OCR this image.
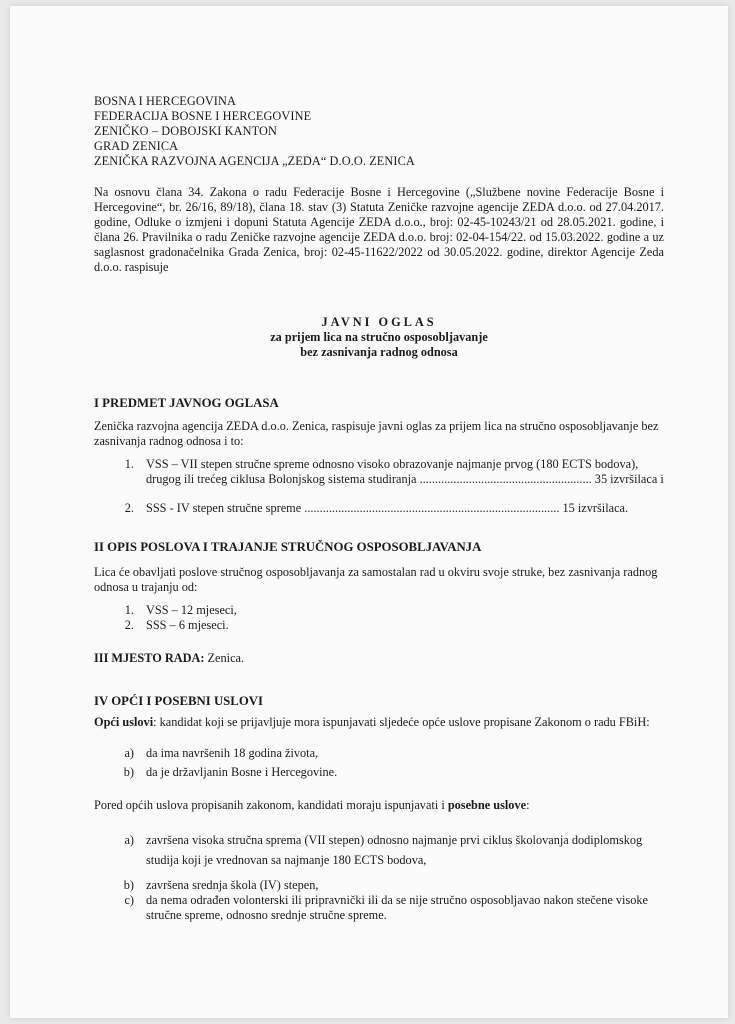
BOSNA I HERCEGOVINA
FEDERACIJA BOSNE I HERCEGOVINE
ZENIČKO – DOBOJSKI KANTON
GRAD ZENICA
ZENIČKA RAZVOJNA AGENCIJA „ZEDA“ D.O.O. ZENICA

Na osnovu člana 34. Zakona o radu Federacije Bosne i Hercegovine („Službene novine Federacije Bosne i Hercegovine“, br. 26/16, 89/18), člana 18. stav (3) Statuta Zeničke razvojne agencije ZEDA d.o.o. od 27.04.2017. godine, Odluke o izmjeni i dopuni Statuta Agencije ZEDA d.o.o., broj: 02-45-10243/21 od 28.05.2021. godine, i člana 26. Pravilnika o radu Zeničke razvojne agencije ZEDA d.o.o. broj: 02-04-154/22. od 15.03.2022. godine a uz saglasnost gradonačelnika Grada Zenica, broj: 02-45-11622/2022 od 30.05.2022. godine, direktor Agencije Zeda d.o.o. raspisuje

JAVNI OGLAS
za prijem lica na stručno osposobljavanje
bez zasnivanja radnog odnosa
I PREDMET JAVNOG OGLASA

Zenička razvojna agencija ZEDA d.o.o. Zenica, raspisuje javni oglas za prijem lica na stručno osposobljavanje bez zasnivanja radnog odnosa i to:

1. VSS – VII stepen stručne spreme odnosno visoko obrazovanje najmanje prvog (180 ECTS bodova),
drugog ili trećeg ciklusa Bolonjskog sistema studiranja ........................................................ 35 izvršilaca i
2. SSS - IV stepen stručne spreme ................................................................................... 15 izvršilaca.
II OPIS POSLOVA I TRAJANJE STRUČNOG OSPOSOBLJAVANJA

Lica će obavljati poslove stručnog osposobljavanja za samostalan rad u okviru svoje struke, bez zasnivanja radnog odnosa u trajanju od:

1. VSS – 12 mjeseci,
2. SSS – 6 mjeseci.
III MJESTO RADA: Zenica.
IV OPĆI I POSEBNI USLOVI

Opći uslovi: kandidat koji se prijavljuje mora ispunjavati sljedeće opće uslove propisane Zakonom o radu FBiH:

a) da ima navršenih 18 godina života,
b) da je državljanin Bosne i Hercegovine.

Pored općih uslova propisanih zakonom, kandidati moraju ispunjavati i posebne uslove:

a) završena visoka stručna sprema (VII stepen) odnosno najmanje prvi ciklus školovanja dodiplomskog
studija koji je vrednovan sa najmanje 180 ECTS bodova,
b) završena srednja škola (IV) stepen,
c) da nema odrađen volonterski ili pripravnički ili da se nije stručno osposobljavao nakon stečene visoke
stručne spreme, odnosno srednje stručne spreme.
